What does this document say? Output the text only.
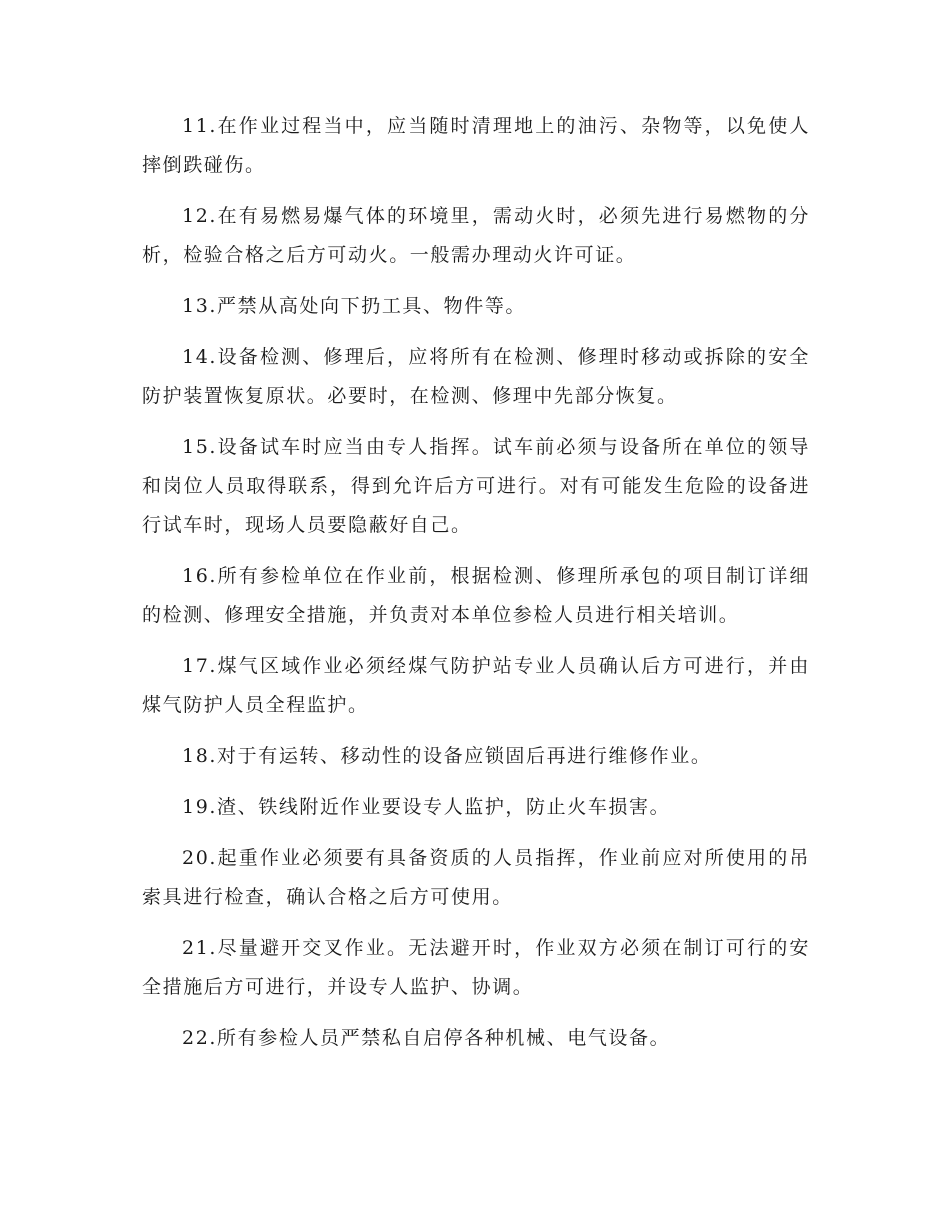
11.在作业过程当中，应当随时清理地上的油污、杂物等，以免使人摔倒跌碰伤。

12.在有易燃易爆气体的环境里，需动火时，必须先进行易燃物的分析，检验合格之后方可动火。一般需办理动火许可证。

13.严禁从高处向下扔工具、物件等。

14.设备检测、修理后，应将所有在检测、修理时移动或拆除的安全防护装置恢复原状。必要时，在检测、修理中先部分恢复。

15.设备试车时应当由专人指挥。试车前必须与设备所在单位的领导和岗位人员取得联系，得到允许后方可进行。对有可能发生危险的设备进行试车时，现场人员要隐蔽好自己。

16.所有参检单位在作业前，根据检测、修理所承包的项目制订详细的检测、修理安全措施，并负责对本单位参检人员进行相关培训。

17.煤气区域作业必须经煤气防护站专业人员确认后方可进行，并由煤气防护人员全程监护。

18.对于有运转、移动性的设备应锁固后再进行维修作业。

19.渣、铁线附近作业要设专人监护，防止火车损害。

20.起重作业必须要有具备资质的人员指挥，作业前应对所使用的吊索具进行检查，确认合格之后方可使用。

21.尽量避开交叉作业。无法避开时，作业双方必须在制订可行的安全措施后方可进行，并设专人监护、协调。

22.所有参检人员严禁私自启停各种机械、电气设备。
